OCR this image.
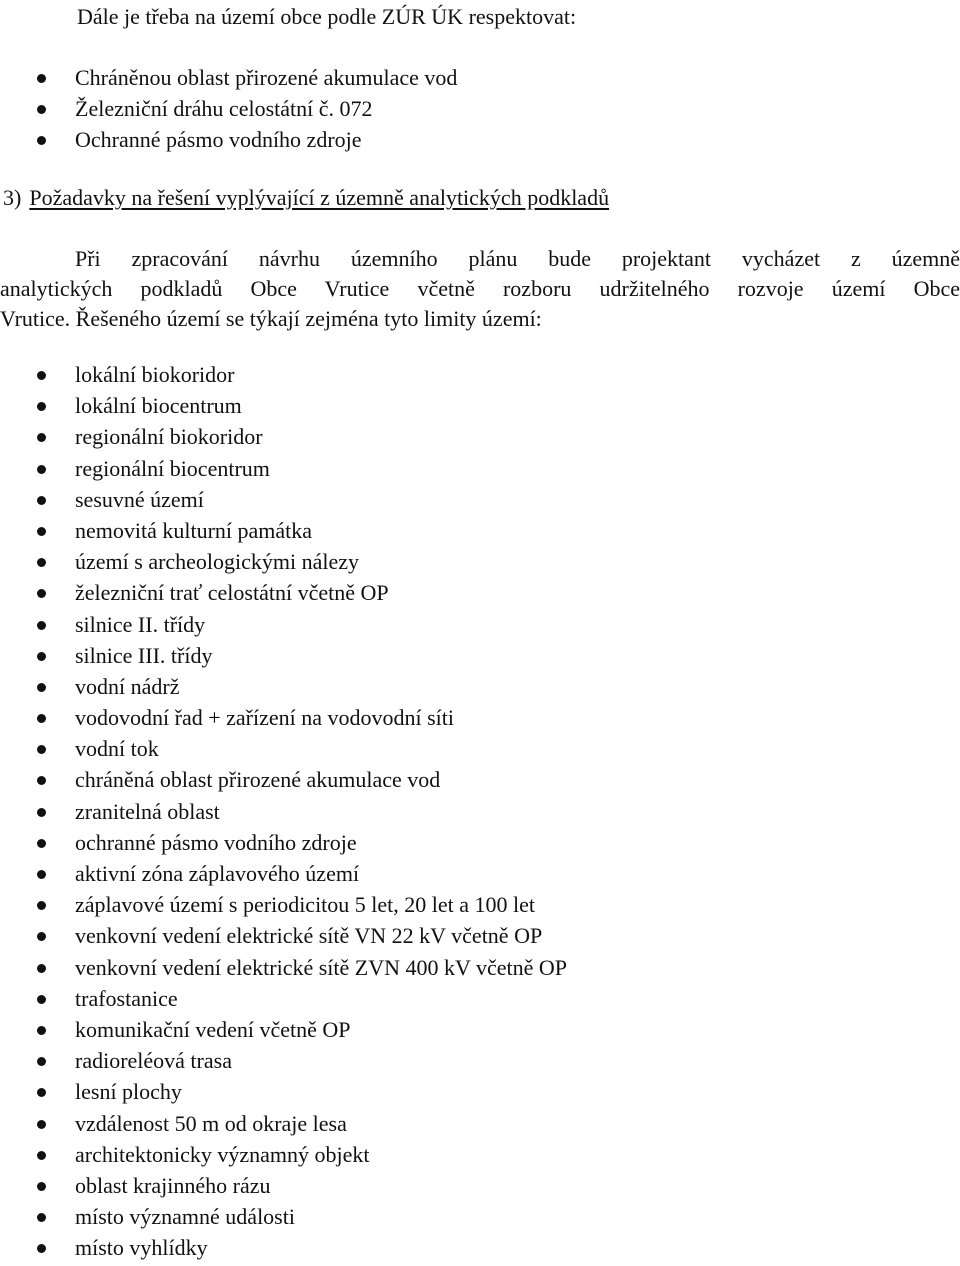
Dále je třeba na území obce podle ZÚR ÚK respektovat:
Chráněnou oblast přirozené akumulace vod
Železniční dráhu celostátní č. 072
Ochranné pásmo vodního zdroje
3) Požadavky na řešení vyplývající z územně analytických podkladů
Při zpracování návrhu územního plánu bude projektant vycházet z územně
analytických podkladů Obce Vrutice včetně rozboru udržitelného rozvoje území Obce
Vrutice. Řešeného území se týkají zejména tyto limity území:
lokální biokoridor
lokální biocentrum
regionální biokoridor
regionální biocentrum
sesuvné území
nemovitá kulturní památka
území s archeologickými nálezy
železniční trať celostátní včetně OP
silnice II. třídy
silnice III. třídy
vodní nádrž
vodovodní řad + zařízení na vodovodní síti
vodní tok
chráněná oblast přirozené akumulace vod
zranitelná oblast
ochranné pásmo vodního zdroje
aktivní zóna záplavového území
záplavové území s periodicitou 5 let, 20 let a 100 let
venkovní vedení elektrické sítě VN 22 kV včetně OP
venkovní vedení elektrické sítě ZVN 400 kV včetně OP
trafostanice
komunikační vedení včetně OP
radioreléová trasa
lesní plochy
vzdálenost 50 m od okraje lesa
architektonicky významný objekt
oblast krajinného rázu
místo významné události
místo vyhlídky
